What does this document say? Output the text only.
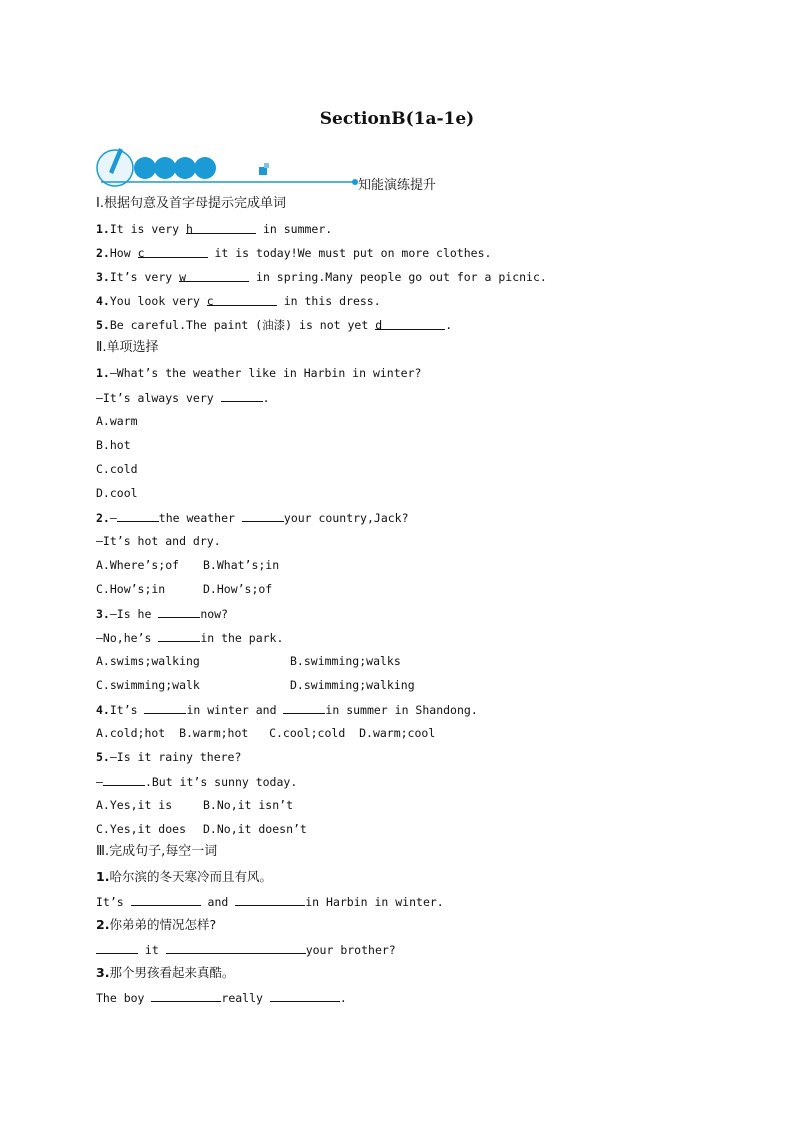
SectionB(1a-1e)
知能演练提升
Ⅰ.根据句意及首字母提示完成单词
1.It is very h	in summer.
2.How c	it is today!We must put on more clothes.
3.It’s very w	in spring.Many people go out for a picnic.
4.You look very c	in this dress.
5.Be careful.The paint (油漆) is not yet d	.
Ⅱ.单项选择
1.—What’s the weather like in Harbin in winter?
—It’s always very	.
A.warm
B.hot
C.cold
D.cool
2.—	the weather	your country,Jack?
—It’s hot and dry.
A.Where’s;of B.What’s;in
C.How’s;in	D.How’s;of
3.—Is he	now?
—No,he’s	in the park.
A.swims;walking	B.swimming;walks
C.swimming;walk	D.swimming;walking
4.It’s	in winter and	in summer in Shandong.
A.cold;hot  B.warm;hot   C.cool;cold  D.warm;cool
5.—Is it rainy there?
—	.But it’s sunny today.
A.Yes,it is	B.No,it isn’t
C.Yes,it does D.No,it doesn’t
Ⅲ.完成句子,每空一词
1.哈尔滨的冬天寒冷而且有风。
It’s	and	in Harbin in winter.
2.你弟弟的情况怎样?
it	your brother?
3.那个男孩看起来真酷。
The boy	really	.
